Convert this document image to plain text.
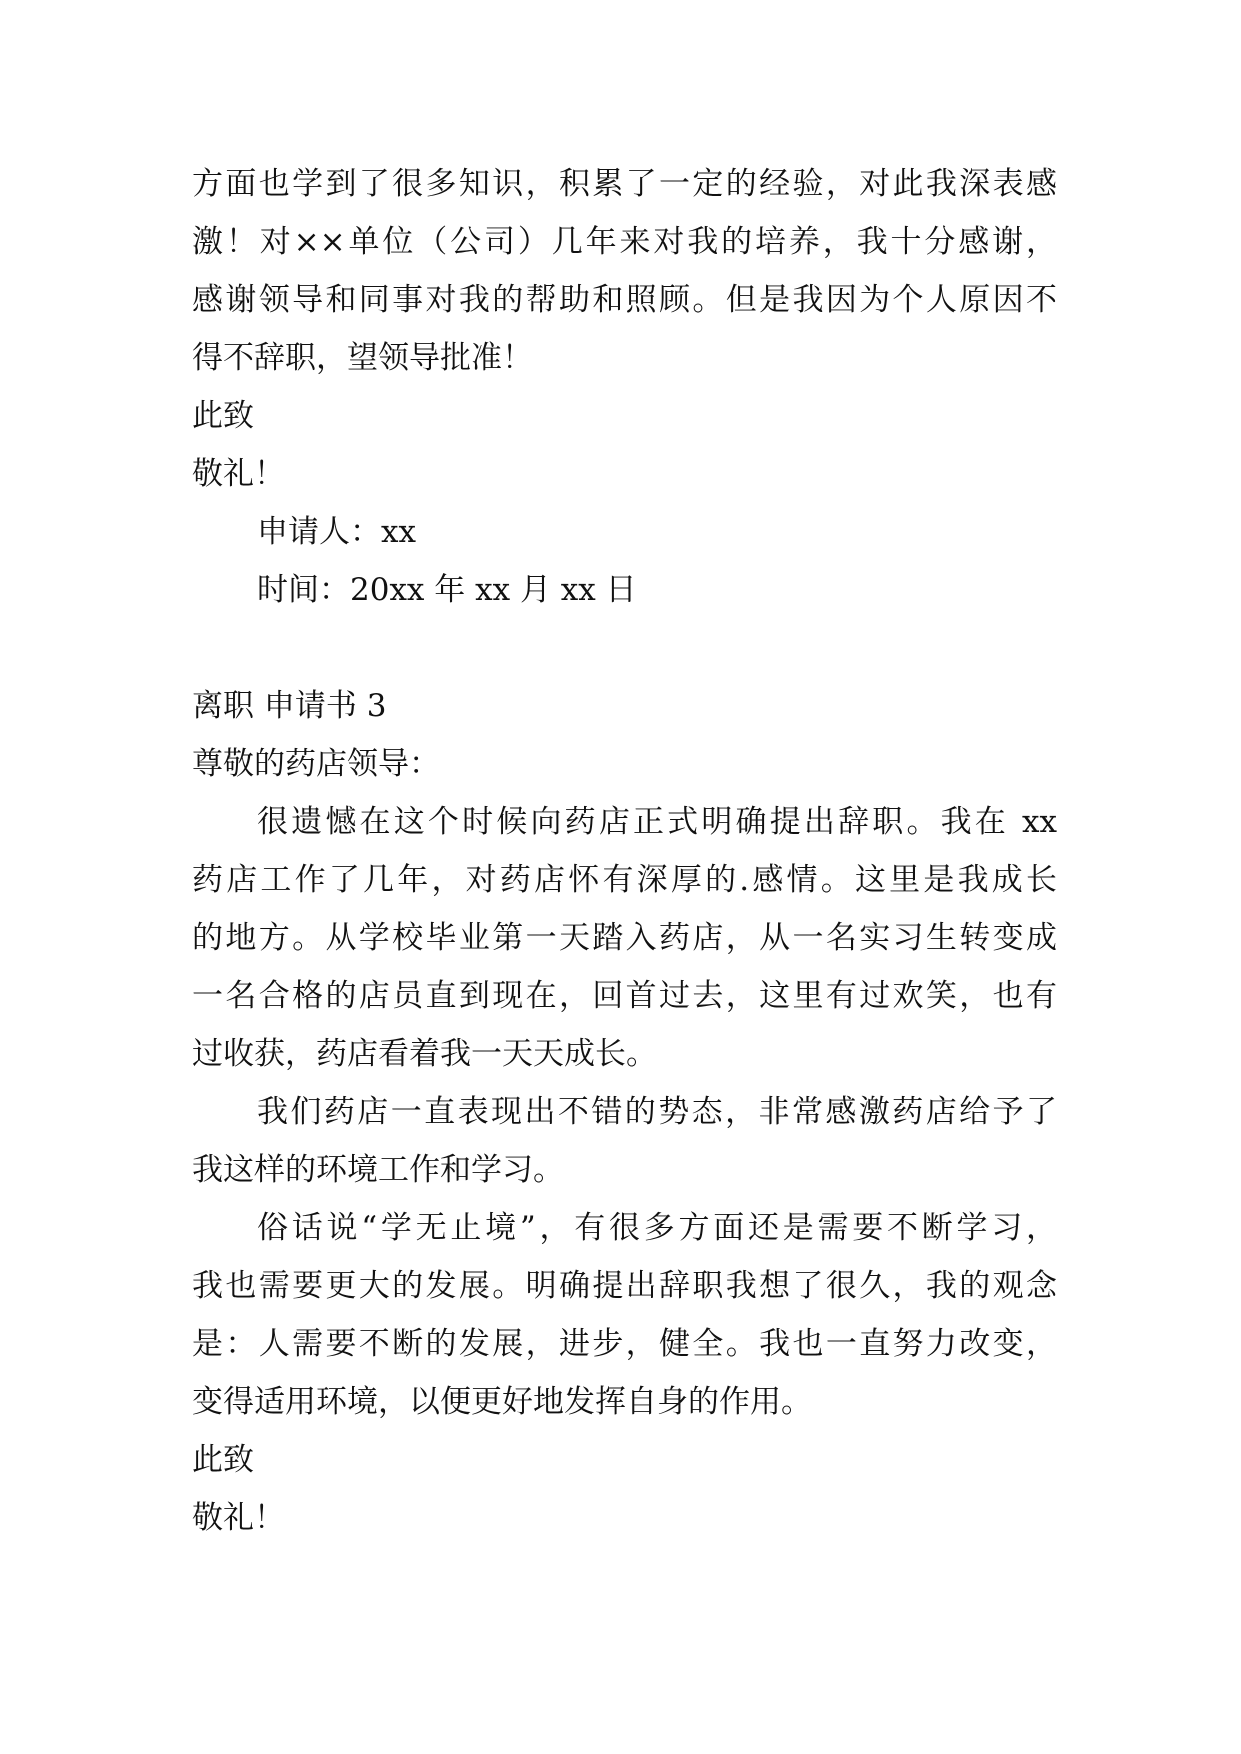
方面也学到了很多知识，积累了一定的经验，对此我深表感
激！对××单位（公司）几年来对我的培养，我十分感谢，
感谢领导和同事对我的帮助和照顾。但是我因为个人原因不
得不辞职，望领导批准！
此致
敬礼！
申请人：xx
时间：20xx 年 xx 月 xx 日
离职 申请书 3
尊敬的药店领导：
很遗憾在这个时候向药店正式明确提出辞职。我在 xx
药店工作了几年，对药店怀有深厚的.感情。这里是我成长
的地方。从学校毕业第一天踏入药店，从一名实习生转变成
一名合格的店员直到现在，回首过去，这里有过欢笑，也有
过收获，药店看着我一天天成长。
我们药店一直表现出不错的势态，非常感激药店给予了
我这样的环境工作和学习。
俗话说“学无止境”，有很多方面还是需要不断学习，
我也需要更大的发展。明确提出辞职我想了很久，我的观念
是：人需要不断的发展，进步，健全。我也一直努力改变，
变得适用环境，以便更好地发挥自身的作用。
此致
敬礼！
